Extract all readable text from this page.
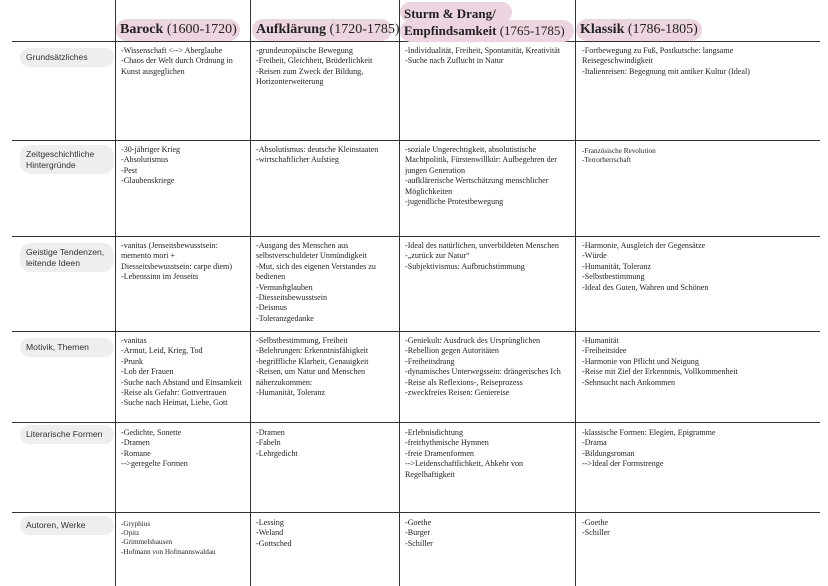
Barock (1600-1720) Aufklärung (1720-1785)
Sturm & Drang/
Empfindsamkeit (1765-1785) Klassik (1786-1805)
Grundsätzliches
-Wissenschaft <--> Aberglaube
-Chaos der Welt durch Ordnung in Kunst ausgeglichen
-grundeuropäische Bewegung
-Freiheit, Gleichheit, Brüderlichkeit
-Reisen zum Zweck der Bildung, Horizonterweiterung
-Individualität, Freiheit, Spontanität, Kreativität
-Suche nach Zuflucht in Natur
-Fortbewegung zu Fuß, Postkutsche: langsame Reisegeschwindigkeit
-Italienreisen: Begegnung mit antiker Kultur (Ideal)
Zeitgeschichtliche Hintergründe
-30-jähriger Krieg
-Absolutismus
-Pest
-Glaubenskriege
-Absolutismus: deutsche Kleinstaaten
-wirtschaftlicher Aufstieg
-soziale Ungerechtigkeit, absolutistische Machtpolitik, Fürstenwillkür: Aufbegehren der jungen Generation
-aufklärerische Wertschätzung menschlicher Möglichkeiten
-jugendliche Protestbewegung
-Französische Revolution
-Terrorherrschaft
Geistige Tendenzen, leitende Ideen
-vanitas (Jenseitsbewusstsein: memento mori + Diesseitsbewusstsein: carpe diem)
-Lebenssinn im Jenseits
-Ausgang des Menschen aus selbstverschuldeter Unmündigkeit
-Mut, sich des eigenen Verstandes zu bedienen
-Vernunftglauben
-Diesseitsbewusstsein
-Deismus
-Toleranzgedanke
-Ideal des natürlichen, unverbildeten Menschen
-„zurück zur Natur“
-Subjektivismus: Aufbruchstimmung
-Harmonie, Ausgleich der Gegensätze
-Würde
-Humanität, Toleranz
-Selbstbestimmung
-Ideal des Guten, Wahren und Schönen
Motivik, Themen
-vanitas
-Armut, Leid, Krieg, Tod
-Prunk
-Lob der Frauen
-Suche nach Abstand und Einsamkeit
-Reise als Gefahr: Gottvertrauen
-Suche nach Heimat, Liebe, Gott
-Selbstbestimmung, Freiheit
-Belehrungen: Erkenntnisfähigkeit
-begriffliche Klarheit, Genauigkeit
-Reisen, um Natur und Menschen näherzukommen:
-Humanität, Toleranz
-Geniekult: Ausdruck des Ursprünglichen
-Rebellion gegen Autoritäten
-Freiheitsdrang
-dynamisches Unterwegssein: drängerisches Ich
-Reise als Reflexions-, Reiseprozess
-zweckfreies Reisen: Geniereise
-Humanität
-Freiheitsidee
-Harmonie von Pflicht und Neigung
-Reise mit Ziel der Erkenntnis, Vollkommenheit
-Sehnsucht nach Ankommen
Literarische Formen	-Gedichte, Sonette
-Dramen
-Romane
-->geregelte Formen
-Dramen
-Fabeln
-Lehrgedicht
-Erlebnisdichtung
-freirhythmische Hymnen
-freie Dramenformen
-->Leidenschaftlichkeit, Abkehr von Regelhaftigkeit
-klassische Formen: Elegien, Epigramme
-Drama
-Bildungsroman
-->Ideal der Formstrenge
Autoren, Werke	-Gryphius
-Opitz
-Grimmelshausen
-Hofmann von Hofmannswaldau
-Lessing
-Weland
-Gottsched
-Goethe
-Burger
-Schiller
-Goethe
-Schiller
